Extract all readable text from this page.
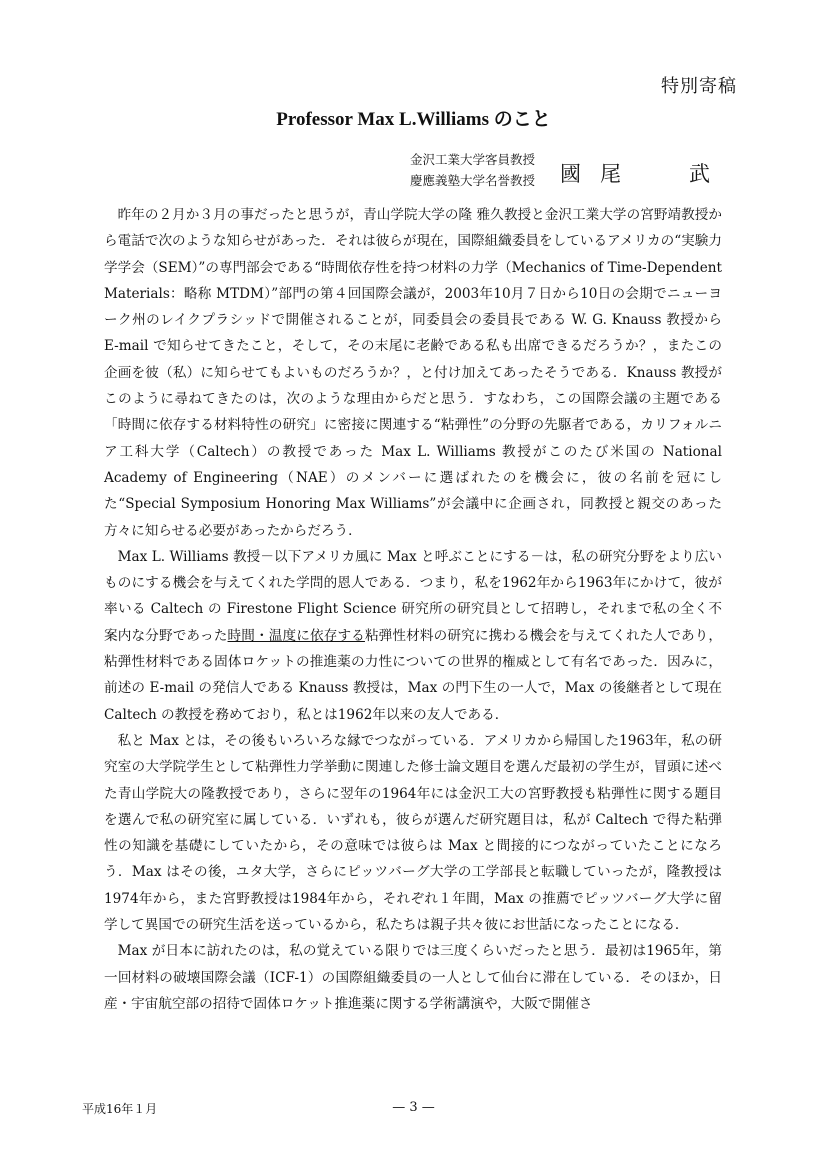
特別寄稿
Professor Max L.Williams のこと
金沢工業大学客員教授
慶應義塾大学名誉教授 國 尾	武

昨年の２月か３月の事だったと思うが，青山学院大学の隆 雅久教授と金沢工業大学の宮野靖教授から電話で次のような知らせがあった．それは彼らが現在，国際組織委員をしているアメリカの“実験力学学会（SEM）”の専門部会である“時間依存性を持つ材料の力学（Mechanics of Time-Dependent Materials：略称 MTDM）”部門の第４回国際会議が，2003年10月７日から10日の会期でニューヨーク州のレイクプラシッドで開催されることが，同委員会の委員長である W. G. Knauss 教授から E-mail で知らせてきたこと，そして，その末尾に老齢である私も出席できるだろうか？，またこの企画を彼（私）に知らせてもよいものだろうか？，と付け加えてあったそうである．Knauss 教授がこのように尋ねてきたのは，次のような理由からだと思う．すなわち，この国際会議の主題である「時間に依存する材料特性の研究」に密接に関連する“粘弾性”の分野の先駆者である，カリフォルニア工科大学（Caltech）の教授であった Max L. Williams 教授がこのたび米国の National Academy of Engineering（NAE）のメンバーに選ばれたのを機会に，彼の名前を冠にした“Special Symposium Honoring Max Williams”が会議中に企画され，同教授と親交のあった方々に知らせる必要があったからだろう．

Max L. Williams 教授－以下アメリカ風に Max と呼ぶことにする－は，私の研究分野をより広いものにする機会を与えてくれた学問的恩人である．つまり，私を1962年から1963年にかけて，彼が率いる Caltech の Firestone Flight Science 研究所の研究員として招聘し，それまで私の全く不案内な分野であった時間・温度に依存する粘弾性材料の研究に携わる機会を与えてくれた人であり，粘弾性材料である固体ロケットの推進薬の力性についての世界的権威として有名であった．因みに，前述の E-mail の発信人である Knauss 教授は，Max の門下生の一人で，Max の後継者として現在 Caltech の教授を務めており，私とは1962年以来の友人である．

私と Max とは，その後もいろいろな縁でつながっている．アメリカから帰国した1963年，私の研究室の大学院学生として粘弾性力学挙動に関連した修士論文題目を選んだ最初の学生が，冒頭に述べた青山学院大の隆教授であり，さらに翌年の1964年には金沢工大の宮野教授も粘弾性に関する題目を選んで私の研究室に属している．いずれも，彼らが選んだ研究題目は，私が Caltech で得た粘弾性の知識を基礎にしていたから，その意味では彼らは Max と間接的につながっていたことになろう．Max はその後，ユタ大学，さらにピッツバーグ大学の工学部長と転職していったが，隆教授は1974年から，また宮野教授は1984年から，それぞれ１年間，Max の推薦でピッツバーグ大学に留学して異国での研究生活を送っているから，私たちは親子共々彼にお世話になったことになる．

Max が日本に訪れたのは，私の覚えている限りでは三度くらいだったと思う．最初は1965年，第一回材料の破壊国際会議（ICF-1）の国際組織委員の一人として仙台に滞在している．そのほか，日産・宇宙航空部の招待で固体ロケット推進薬に関する学術講演や，大阪で開催さ

平成16年１月	— 3 —
